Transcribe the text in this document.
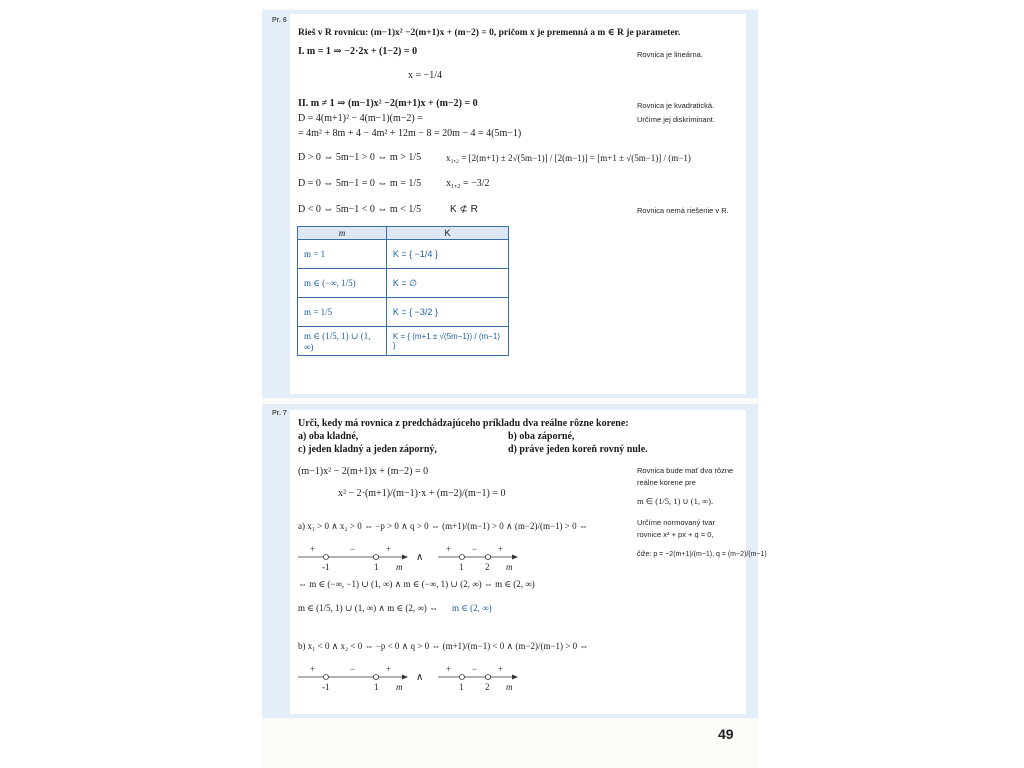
Pr. 6
Rieš v R rovnicu: (m−1)x² −2(m+1)x + (m−2) = 0, pričom x je premenná a m ∈ R je parameter.
I. m = 1 ⇒ −2·2x + (1−2) = 0
x = −1/4
Rovnica je lineárna.
II. m ≠ 1 ⇒ (m−1)x² −2(m+1)x + (m−2) = 0	Rovnica je kvadratická.
Určíme jej diskriminant.
D = 4(m+1)² − 4(m−1)(m−2) =
= 4m² + 8m + 4 − 4m² + 12m − 8 = 20m − 4 = 4(5m−1)
D > 0 ⇔ 5m−1 > 0 ⇔ m > 1/5	x₁,₂ = [2(m+1) ± 2√(5m−1)] / [2(m−1)] = [m+1 ± √(5m−1)] / (m−1)
D = 0 ⇔ 5m−1 = 0 ⇔ m = 1/5 x₁,₂ = −3/2
D < 0 ⇔ 5m−1 < 0 ⇔ m < 1/5	K ⊄ R	Rovnica nemá riešenie v R.
m	K
m = 1	K = { −1/4 }
m ∈ (−∞, 1/5)	K = ∅
m = 1/5	K = { −3/2 }
m ∈ (1/5, 1) ∪ (1, ∞)	K = { (m+1 ± √(5m−1)) / (m−1) }
Pr. 7
Urči, kedy má rovnica z predchádzajúceho príkladu dva reálne rôzne korene:
a) oba kladné,	b) oba záporné,
c) jeden kladný a jeden záporný,	d) práve jeden koreň rovný nule.
(m−1)x² − 2(m+1)x + (m−2) = 0
x² − 2·(m+1)/(m−1)·x + (m−2)/(m−1) = 0
Rovnica bude mať dva rôzne
reálne korene pre
m ∈ (1/5, 1) ∪ (1, ∞).
Určíme normovaný tvar
rovnice x² + px + q = 0,
čiže: p = −2(m+1)/(m−1), q = (m−2)/(m−1)
a) x₁ > 0 ∧ x₂ > 0 ⇔ −p > 0 ∧ q > 0 ⇔ (m+1)/(m−1) > 0 ∧ (m−2)/(m−1) > 0 ⇔
+	−	+
-1	1 m
∧
+ − +
1 2 m
⇔ m ∈ (−∞, −1) ∪ (1, ∞) ∧ m ∈ (−∞, 1) ∪ (2, ∞) ⇔ m ∈ (2, ∞)
m ∈ (1/5, 1) ∪ (1, ∞) ∧ m ∈ (2, ∞) ⇔ m ∈ (2, ∞)
b) x₁ < 0 ∧ x₂ < 0 ⇔ −p < 0 ∧ q > 0 ⇔ (m+1)/(m−1) < 0 ∧ (m−2)/(m−1) > 0 ⇔
+	−	+
-1	1 m
∧
+ − +
1 2 m
49
